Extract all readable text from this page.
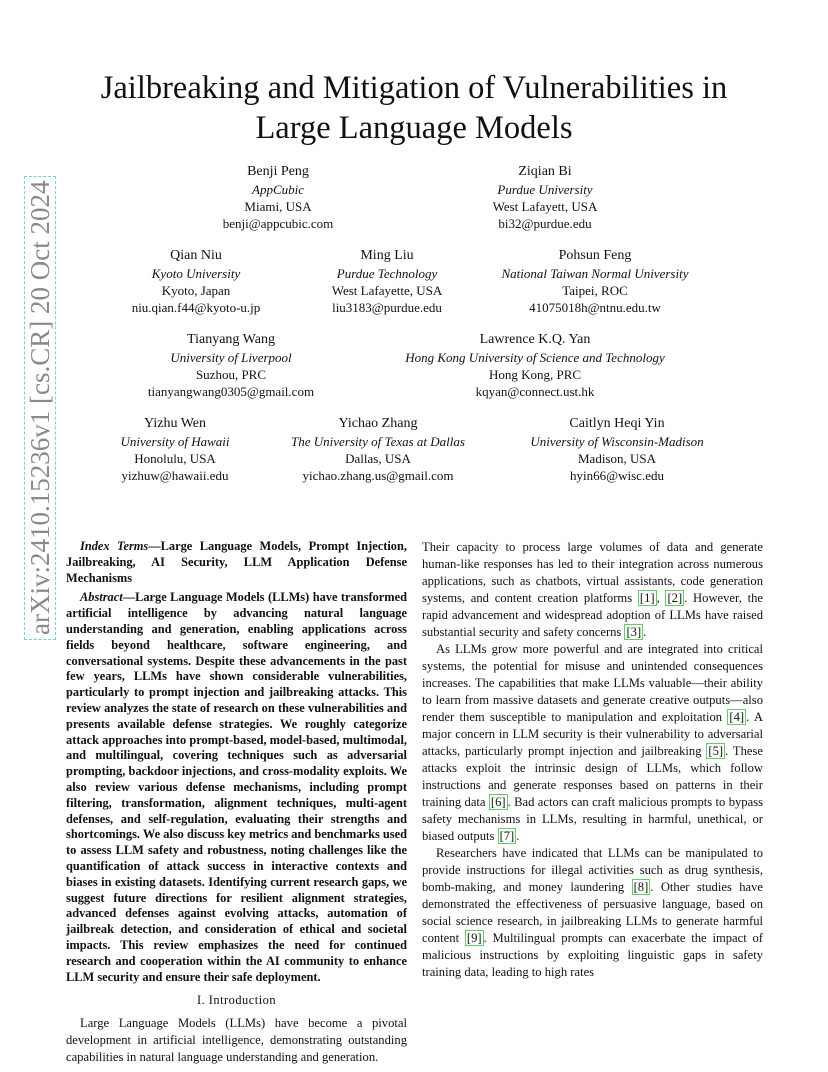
Jailbreaking and Mitigation of Vulnerabilities in
Large Language Models
arXiv:2410.15236v1 [cs.CR] 20 Oct 2024
Benji Peng
AppCubic
Miami, USA
benji@appcubic.com
Ziqian Bi
Purdue University
West Lafayett, USA
bi32@purdue.edu
Qian Niu
Kyoto University
Kyoto, Japan
niu.qian.f44@kyoto-u.jp
Ming Liu
Purdue Technology
West Lafayette, USA
liu3183@purdue.edu
Pohsun Feng
National Taiwan Normal University
Taipei, ROC
41075018h@ntnu.edu.tw
Tianyang Wang
University of Liverpool
Suzhou, PRC
tianyangwang0305@gmail.com
Lawrence K.Q. Yan
Hong Kong University of Science and Technology
Hong Kong, PRC
kqyan@connect.ust.hk
Yizhu Wen
University of Hawaii
Honolulu, USA
yizhuw@hawaii.edu
Yichao Zhang
The University of Texas at Dallas
Dallas, USA
yichao.zhang.us@gmail.com
Caitlyn Heqi Yin
University of Wisconsin-Madison
Madison, USA
hyin66@wisc.edu

Index Terms—Large Language Models, Prompt Injection, Jailbreaking, AI Security, LLM Application Defense Mechanisms

Abstract—Large Language Models (LLMs) have transformed artificial intelligence by advancing natural language understanding and generation, enabling applications across fields beyond healthcare, software engineering, and conversational systems. Despite these advancements in the past few years, LLMs have shown considerable vulnerabilities, particularly to prompt injection and jailbreaking attacks. This review analyzes the state of research on these vulnerabilities and presents available defense strategies. We roughly categorize attack approaches into prompt-based, model-based, multimodal, and multilingual, covering techniques such as adversarial prompting, backdoor injections, and cross-modality exploits. We also review various defense mechanisms, including prompt filtering, transformation, alignment techniques, multi-agent defenses, and self-regulation, evaluating their strengths and shortcomings. We also discuss key metrics and benchmarks used to assess LLM safety and robustness, noting challenges like the quantification of attack success in interactive contexts and biases in existing datasets. Identifying current research gaps, we suggest future directions for resilient alignment strategies, advanced defenses against evolving attacks, automation of jailbreak detection, and consideration of ethical and societal impacts. This review emphasizes the need for continued research and cooperation within the AI community to enhance LLM security and ensure their safe deployment.

I. Introduction

Large Language Models (LLMs) have become a pivotal development in artificial intelligence, demonstrating outstanding capabilities in natural language understanding and generation.

Their capacity to process large volumes of data and generate human-like responses has led to their integration across numerous applications, such as chatbots, virtual assistants, code generation systems, and content creation platforms [1] , [2] . However, the rapid advancement and widespread adoption of LLMs have raised substantial security and safety concerns [3] .

As LLMs grow more powerful and are integrated into critical systems, the potential for misuse and unintended consequences increases. The capabilities that make LLMs valuable—their ability to learn from massive datasets and generate creative outputs—also render them susceptible to manipulation and exploitation [4] . A major concern in LLM security is their vulnerability to adversarial attacks, particularly prompt injection and jailbreaking [5] . These attacks exploit the intrinsic design of LLMs, which follow instructions and generate responses based on patterns in their training data [6] . Bad actors can craft malicious prompts to bypass safety mechanisms in LLMs, resulting in harmful, unethical, or biased outputs [7] .

Researchers have indicated that LLMs can be manipulated to provide instructions for illegal activities such as drug synthesis, bomb-making, and money laundering [8] . Other studies have demonstrated the effectiveness of persuasive language, based on social science research, in jailbreaking LLMs to generate harmful content [9] . Multilingual prompts can exacerbate the impact of malicious instructions by exploiting linguistic gaps in safety training data, leading to high rates
